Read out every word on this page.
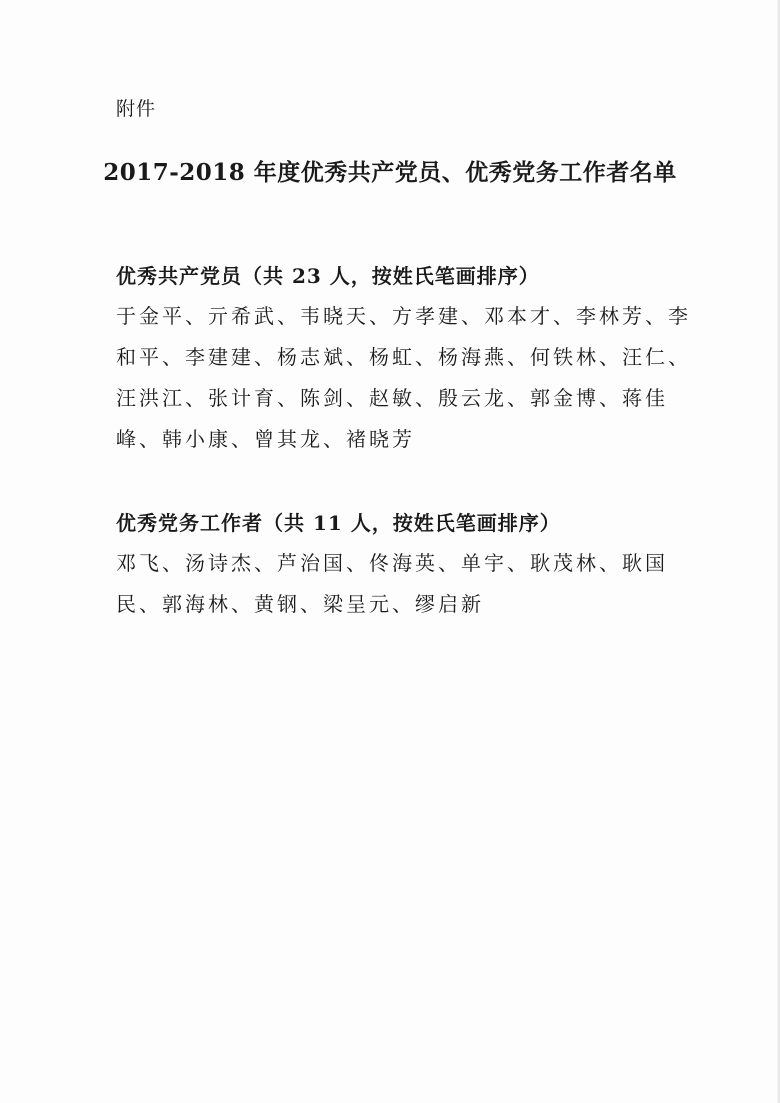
附件
2017-2018 年度优秀共产党员、优秀党务工作者名单
优秀共产党员（共 23 人，按姓氏笔画排序）
于金平、亓希武、韦晓天、方孝建、邓本才、李林芳、李
和平、李建建、杨志斌、杨虹、杨海燕、何铁林、汪仁、
汪洪江、张计育、陈剑、赵敏、殷云龙、郭金博、蒋佳
峰、韩小康、曾其龙、褚晓芳
优秀党务工作者（共 11 人，按姓氏笔画排序）
邓飞、汤诗杰、芦治国、佟海英、单宇、耿茂林、耿国
民、郭海林、黄钢、梁呈元、缪启新
